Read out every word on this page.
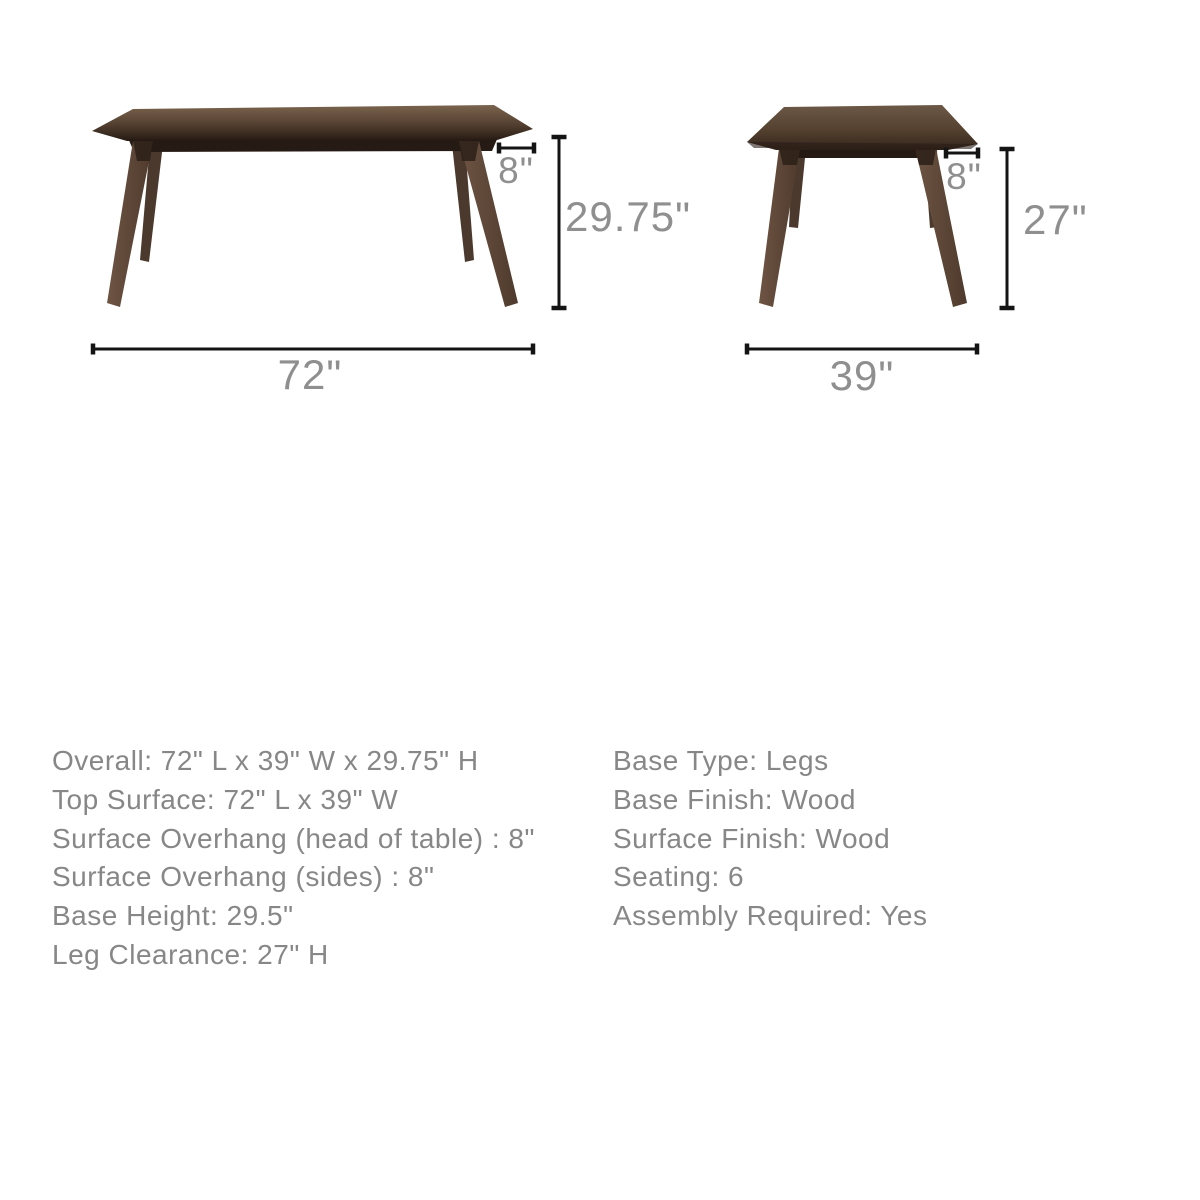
8"
29.75"
72"
8"
27"
39"
Overall: 72" L x 39" W x 29.75" H
Top Surface: 72" L x 39" W
Surface Overhang (head of table) : 8"
Surface Overhang (sides) : 8"
Base Height: 29.5"
Leg Clearance: 27" H
Base Type: Legs
Base Finish: Wood
Surface Finish: Wood
Seating: 6
Assembly Required: Yes
